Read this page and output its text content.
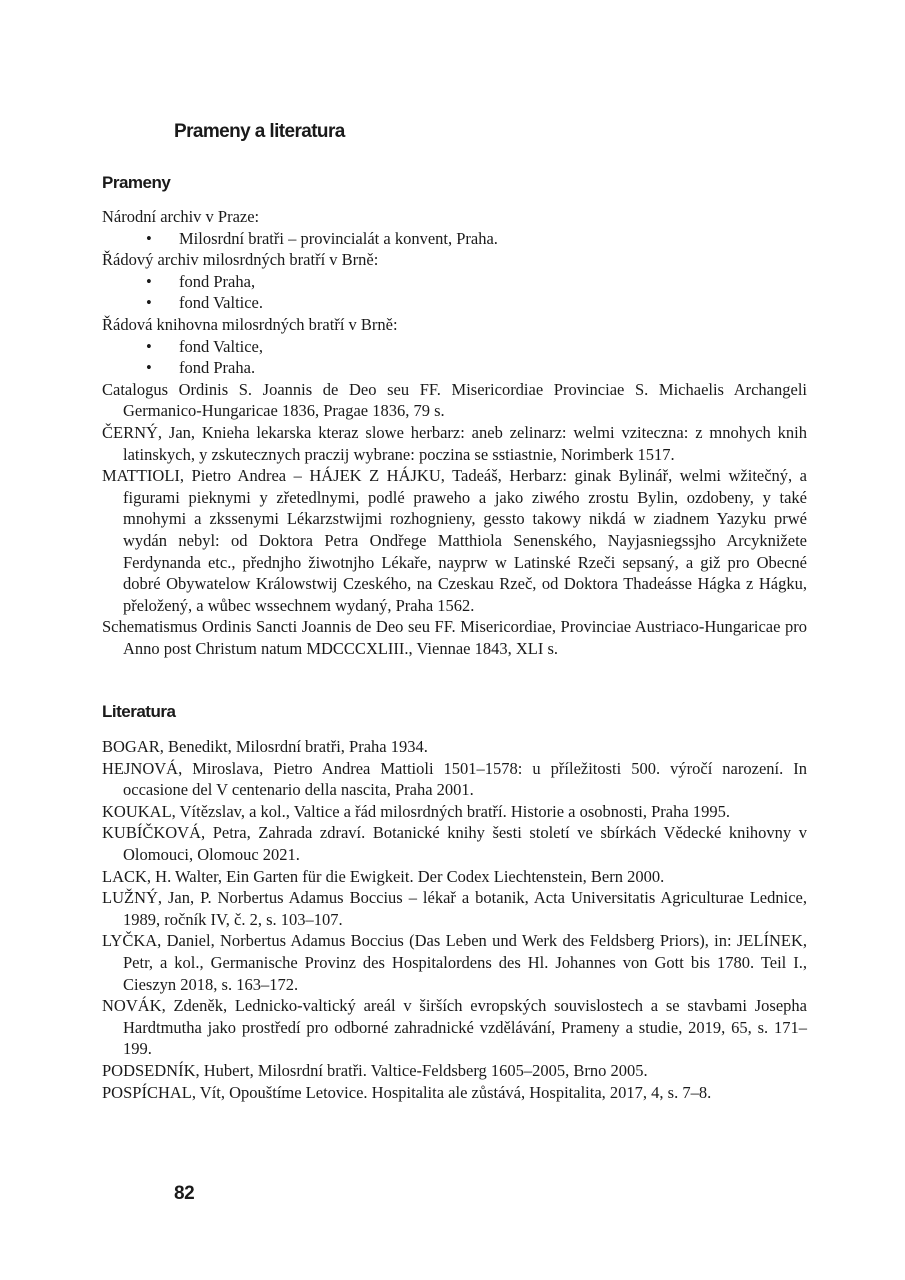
Prameny a literatura
Prameny

Národní archiv v Praze:

• Milosrdní bratři – provincialát a konvent, Praha.

Řádový archiv milosrdných bratří v Brně:

• fond Praha,
• fond Valtice.

Řádová knihovna milosrdných bratří v Brně:

• fond Valtice,
• fond Praha.

Catalogus Ordinis S. Joannis de Deo seu FF. Misericordiae Provinciae S. Michaelis Archangeli Germanico-Hungaricae 1836, Pragae 1836, 79 s.

ČERNÝ, Jan, Knieha lekarska kteraz slowe herbarz: aneb zelinarz: welmi vziteczna: z mnohych knih latinskych, y zskutecznych praczij wybrane: poczina se sstiastnie, Norimberk 1517.

MATTIOLI, Pietro Andrea – HÁJEK Z HÁJKU, Tadeáš, Herbarz: ginak Bylinář, welmi wžitečný, a figurami pieknymi y zřetedlnymi, podlé praweho a jako ziwého zrostu Bylin, ozdobeny, y také mnohymi a zkssenymi Lékarzstwijmi rozhognieny, gessto takowy nikdá w ziadnem Yazyku prwé wydán nebyl: od Doktora Petra Ondřege Matthiola Senenského, Nayjasniegssjho Arcyknižete Ferdynanda etc., přednjho žiwotnjho Lékaře, nayprw w Latinské Rzeči sepsaný, a giž pro Obecné dobré Obywatelow Králowstwij Czeského, na Czeskau Rzeč, od Doktora Thadeásse Hágka z Hágku, přeložený, a wůbec wssechnem wydaný, Praha 1562.

Schematismus Ordinis Sancti Joannis de Deo seu FF. Misericordiae, Provinciae Austriaco-Hungaricae pro Anno post Christum natum MDCCCXLIII., Viennae 1843, XLI s.

Literatura

BOGAR, Benedikt, Milosrdní bratři, Praha 1934.

HEJNOVÁ, Miroslava, Pietro Andrea Mattioli 1501–1578: u příležitosti 500. výročí narození. In occasione del V centenario della nascita, Praha 2001.

KOUKAL, Vítězslav, a kol., Valtice a řád milosrdných bratří. Historie a osobnosti, Praha 1995.

KUBÍČKOVÁ, Petra, Zahrada zdraví. Botanické knihy šesti století ve sbírkách Vědecké knihovny v Olomouci, Olomouc 2021.

LACK, H. Walter, Ein Garten für die Ewigkeit. Der Codex Liechtenstein, Bern 2000.

LUŽNÝ, Jan, P. Norbertus Adamus Boccius – lékař a botanik, Acta Universitatis Agriculturae Lednice, 1989, ročník IV, č. 2, s. 103–107.

LYČKA, Daniel, Norbertus Adamus Boccius (Das Leben und Werk des Feldsberg Priors), in: JELÍNEK, Petr, a kol., Germanische Provinz des Hospitalordens des Hl. Johannes von Gott bis 1780. Teil I., Cieszyn 2018, s. 163–172.

NOVÁK, Zdeněk, Lednicko-valtický areál v širších evropských souvislostech a se stavbami Josepha Hardtmutha jako prostředí pro odborné zahradnické vzdělávání, Prameny a studie, 2019, 65, s. 171–199.

PODSEDNÍK, Hubert, Milosrdní bratři. Valtice-Feldsberg 1605–2005, Brno 2005.

POSPÍCHAL, Vít, Opouštíme Letovice. Hospitalita ale zůstává, Hospitalita, 2017, 4, s. 7–8.

82
